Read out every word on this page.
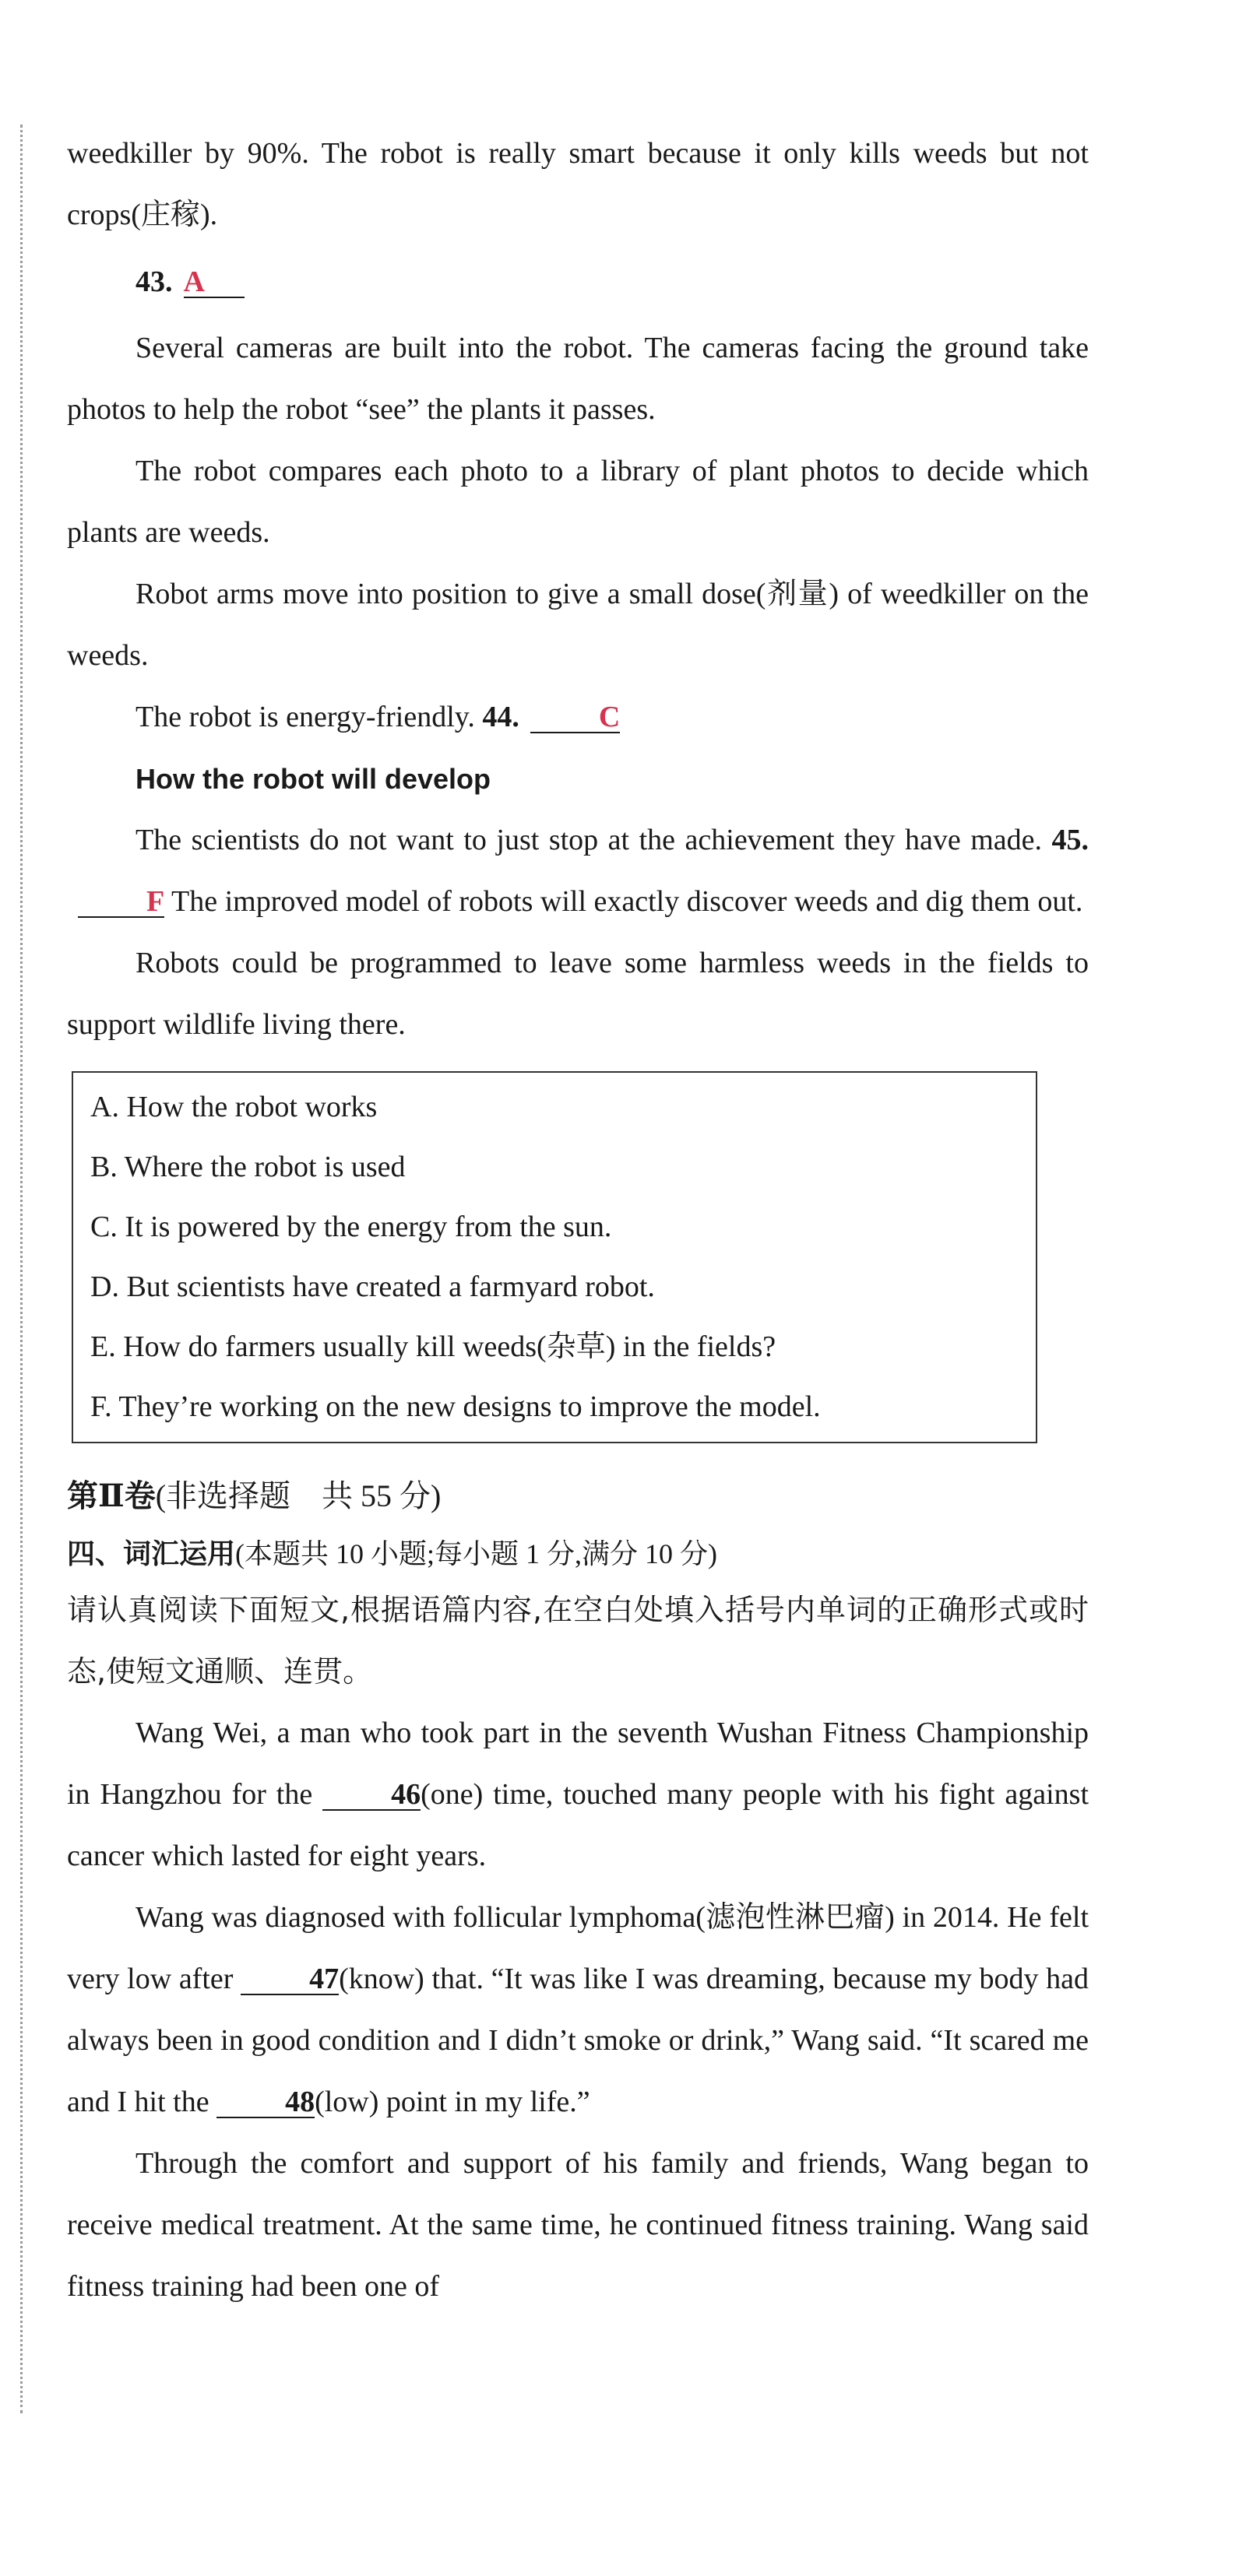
weedkiller by 90%. The robot is really smart because it only kills weeds but not crops(庄稼).

43. A

Several cameras are built into the robot. The cameras facing the ground take photos to help the robot “see” the plants it passes.

The robot compares each photo to a library of plant photos to decide which plants are weeds.

Robot arms move into position to give a small dose(剂量) of weedkiller on the weeds.

The robot is energy-friendly. 44.	C

How the robot will develop

The scientists do not want to just stop at the achievement they have made. 45.F The improved model of robots will exactly discover weeds and dig them out.

Robots could be programmed to leave some harmless weeds in the fields to support wildlife living there.

A. How the robot works
B. Where the robot is used
C. It is powered by the energy from the sun.
D. But scientists have created a farmyard robot.
E. How do farmers usually kill weeds(杂草) in the fields?
F. They’re working on the new designs to improve the model.

第Ⅱ卷(非选择题　共 55 分)

四、词汇运用(本题共 10 小题;每小题 1 分,满分 10 分)

请认真阅读下面短文,根据语篇内容,在空白处填入括号内单词的正确形式或时态,使短文通顺、连贯。

Wang Wei, a man who took part in the seventh Wushan Fitness Championship in Hangzhou for the	46(one) time, touched many people with his fight against cancer which lasted for eight years.

Wang was diagnosed with follicular lymphoma(滤泡性淋巴瘤) in 2014. He felt very low after	47(know) that. “It was like I was dreaming, because my body had always been in good condition and I didn’t smoke or drink,” Wang said. “It scared me and I hit the	48(low) point in my life.”

Through the comfort and support of his family and friends, Wang began to receive medical treatment. At the same time, he continued fitness training. Wang said fitness training had been one of
